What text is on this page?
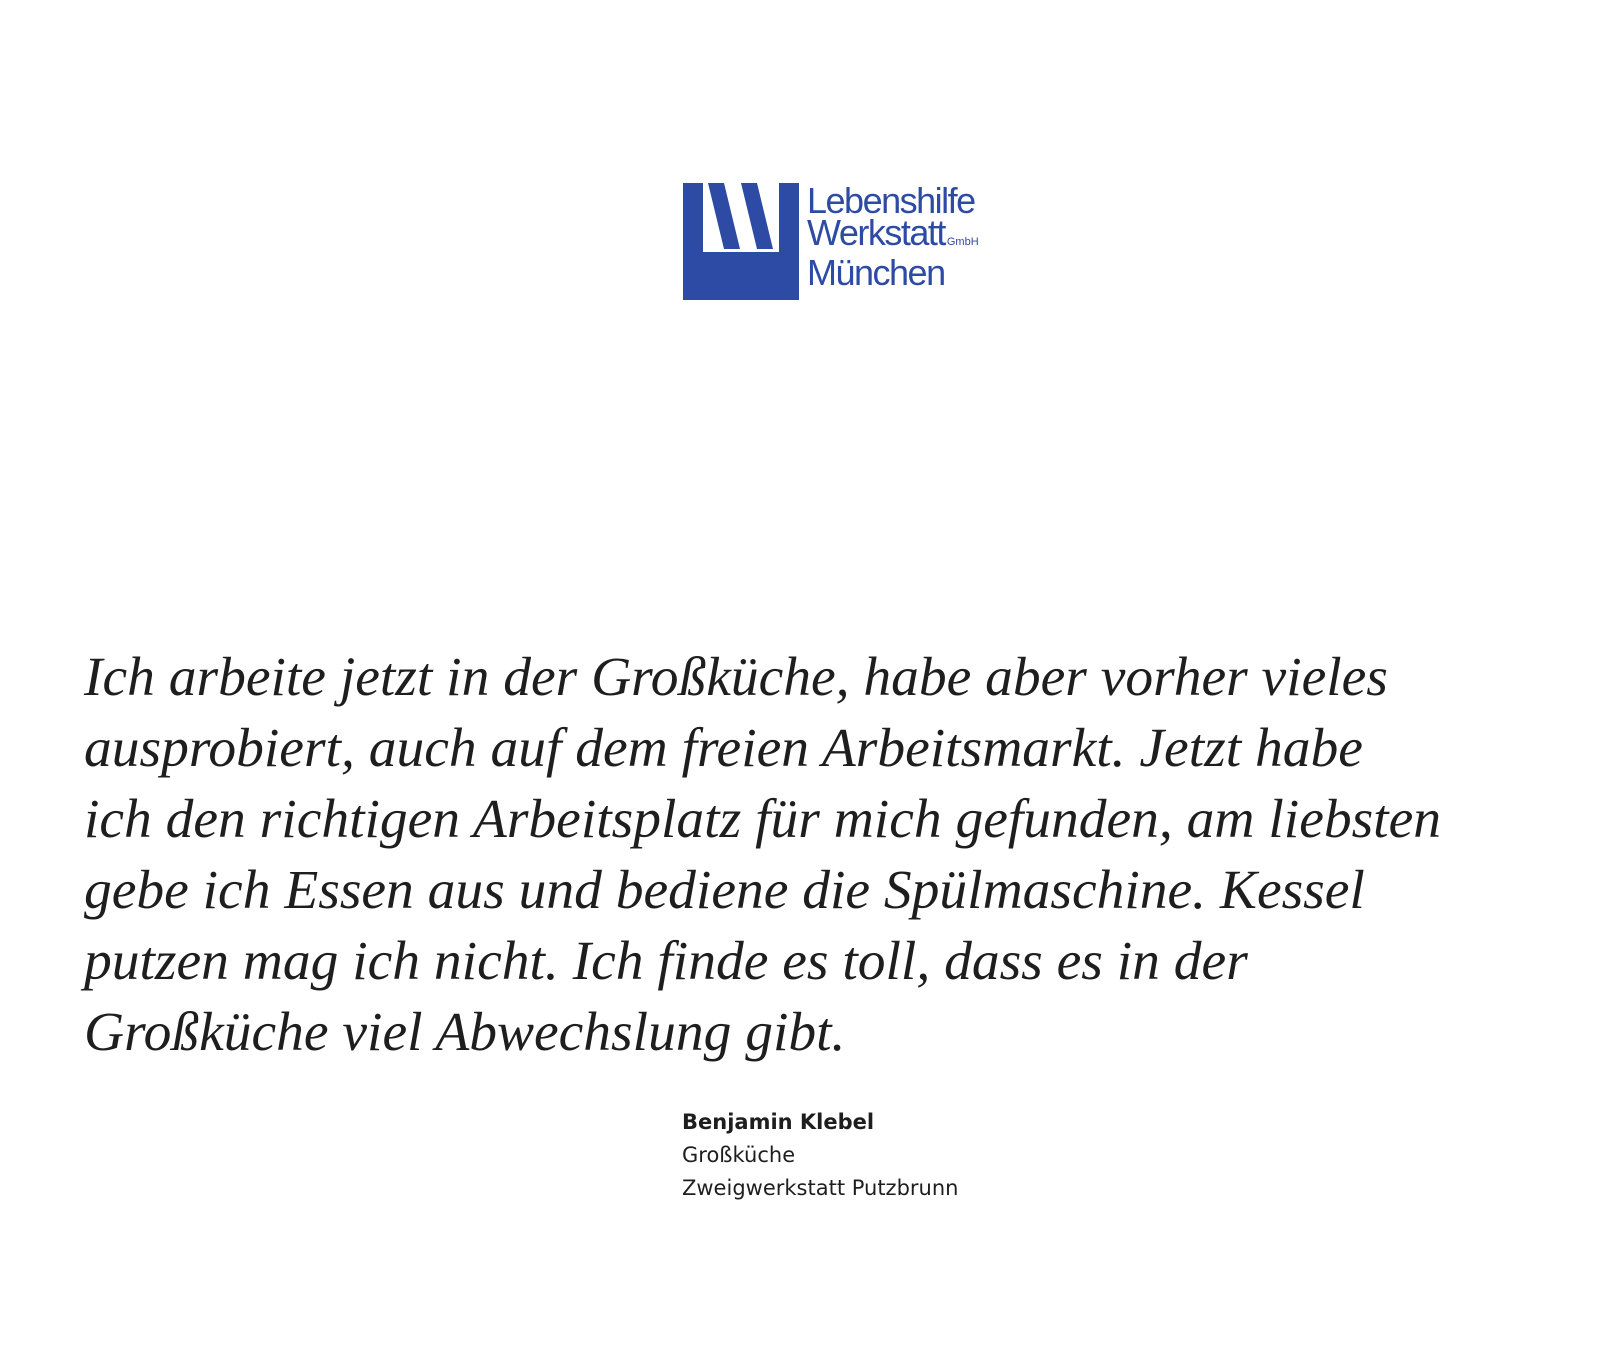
Lebenshilfe
Werkstatt GmbH
München

Ich arbeite jetzt in der Großküche, habe aber vorher vieles
ausprobiert, auch auf dem freien Arbeitsmarkt. Jetzt habe
ich den richtigen Arbeitsplatz für mich gefunden, am liebsten
gebe ich Essen aus und bediene die Spülmaschine. Kessel
putzen mag ich nicht. Ich finde es toll, dass es in der
Großküche viel Abwechslung gibt.

Benjamin Klebel
Großküche
Zweigwerkstatt Putzbrunn
